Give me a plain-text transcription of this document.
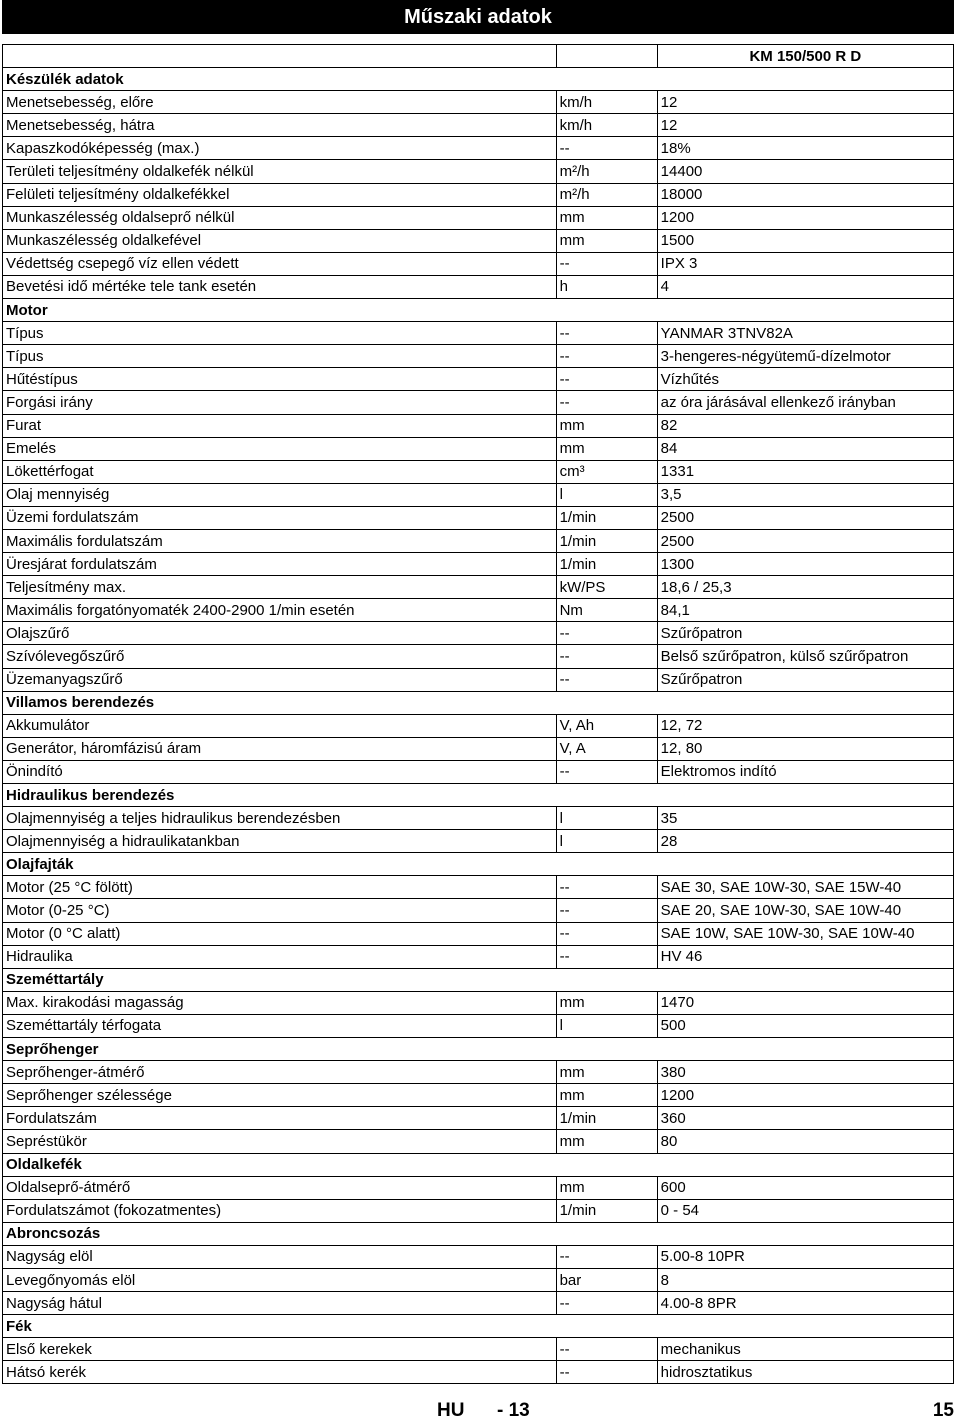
Műszaki adatok
		KM 150/500 R D
Készülék adatok		
Menetsebesség, előre	km/h	12
Menetsebesség, hátra	km/h	12
Kapaszkodóképesség (max.)	--	18%
Területi teljesítmény oldalkefék nélkül	m²/h	14400
Felületi teljesítmény oldalkefékkel	m²/h	18000
Munkaszélesség oldalseprő nélkül	mm	1200
Munkaszélesség oldalkefével	mm	1500
Védettség csepegő víz ellen védett	--	IPX 3
Bevetési idő mértéke tele tank esetén	h	4
Motor		
Típus	--	YANMAR 3TNV82A
Típus	--	3-hengeres-négyütemű-dízelmotor
Hűtéstípus	--	Vízhűtés
Forgási irány	--	az óra járásával ellenkező irányban
Furat	mm	82
Emelés	mm	84
Lökettérfogat	cm³	1331
Olaj mennyiség	l	3,5
Üzemi fordulatszám	1/min	2500
Maximális fordulatszám	1/min	2500
Üresjárat fordulatszám	1/min	1300
Teljesítmény max.	kW/PS	18,6 / 25,3
Maximális forgatónyomaték 2400-2900 1/min esetén	Nm	84,1
Olajszűrő	--	Szűrőpatron
Szívólevegőszűrő	--	Belső szűrőpatron, külső szűrőpatron
Üzemanyagszűrő	--	Szűrőpatron
Villamos berendezés		
Akkumulátor	V, Ah	12, 72
Generátor, háromfázisú áram	V, A	12, 80
Önindító	--	Elektromos indító
Hidraulikus berendezés		
Olajmennyiség a teljes hidraulikus berendezésben	l	35
Olajmennyiség a hidraulikatankban	l	28
Olajfajták		
Motor (25 °C fölött)	--	SAE 30, SAE 10W-30, SAE 15W-40
Motor (0-25 °C)	--	SAE 20, SAE 10W-30, SAE 10W-40
Motor (0 °C alatt)	--	SAE 10W, SAE 10W-30, SAE 10W-40
Hidraulika	--	HV 46
Szeméttartály		
Max. kirakodási magasság	mm	1470
Szeméttartály térfogata	l	500
Seprőhenger		
Seprőhenger-átmérő	mm	380
Seprőhenger szélessége	mm	1200
Fordulatszám	1/min	360
Sepréstükör	mm	80
Oldalkefék		
Oldalseprő-átmérő	mm	600
Fordulatszámot (fokozatmentes)	1/min	0 - 54
Abroncsozás		
Nagyság elöl	--	5.00-8 10PR
Levegőnyomás elöl	bar	8
Nagyság hátul	--	4.00-8 8PR
Fék		
Első kerekek	--	mechanikus
Hátsó kerék	--	hidrosztatikus
HU - 13	15
